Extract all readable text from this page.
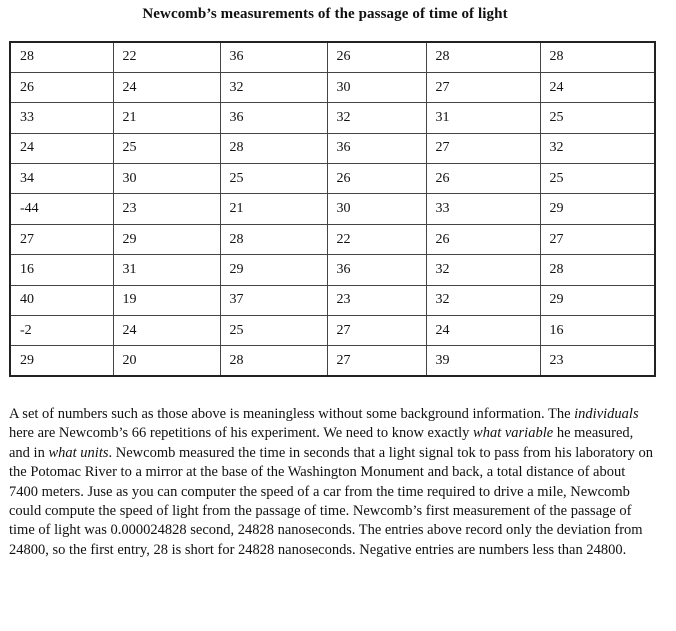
Newcomb’s measurements of the passage of time of light
28	22	36	26	28	28
26	24	32	30	27	24
33	21	36	32	31	25
24	25	28	36	27	32
34	30	25	26	26	25
-44	23	21	30	33	29
27	29	28	22	26	27
16	31	29	36	32	28
40	19	37	23	32	29
-2	24	25	27	24	16
29	20	28	27	39	23

A set of numbers such as those above is meaningless without some background information. The individuals here are Newcomb’s 66 repetitions of his experiment. We need to know exactly what variable he measured, and in what units. Newcomb measured the time in seconds that a light signal tok to pass from his laboratory on the Potomac River to a mirror at the base of the Washington Monument and back, a total distance of about 7400 meters. Juse as you can computer the speed of a car from the time required to drive a mile, Newcomb could compute the speed of light from the passage of time. Newcomb’s first measurement of the passage of time of light was 0.000024828 second, 24828 nanoseconds. The entries above record only the deviation from 24800, so the first entry, 28 is short for 24828 nanoseconds. Negative entries are numbers less than 24800.
